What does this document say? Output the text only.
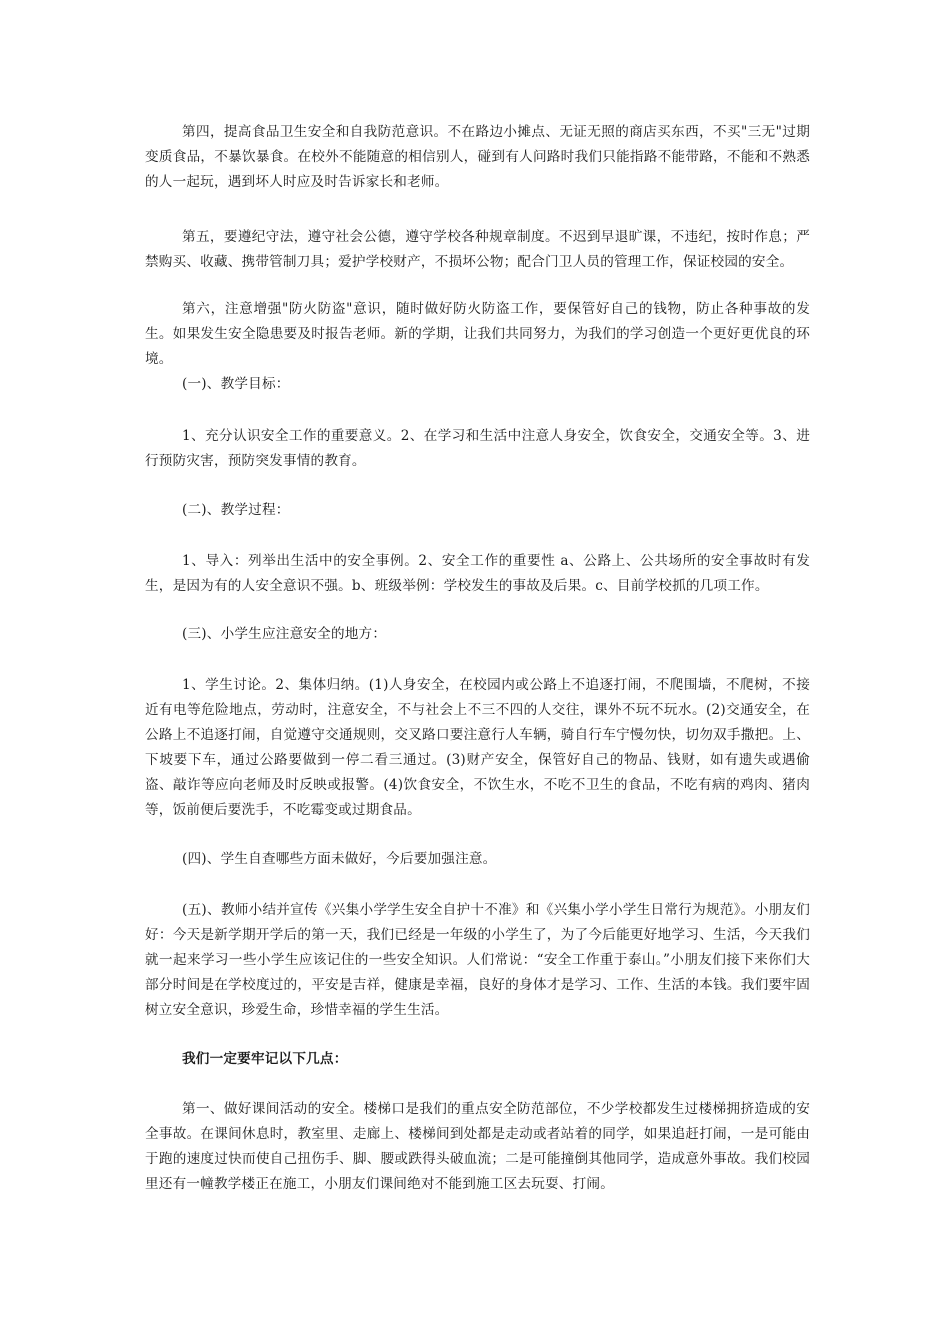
第四，提高食品卫生安全和自我防范意识。不在路边小摊点、无证无照的商店买东西，不买"三无"过期变质食品，不暴饮暴食。在校外不能随意的相信别人，碰到有人问路时我们只能指路不能带路，不能和不熟悉的人一起玩，遇到坏人时应及时告诉家长和老师。

第五，要遵纪守法，遵守社会公德，遵守学校各种规章制度。不迟到早退旷课，不违纪，按时作息；严禁购买、收藏、携带管制刀具；爱护学校财产，不损坏公物；配合门卫人员的管理工作，保证校园的安全。

第六，注意增强"防火防盗"意识，随时做好防火防盗工作，要保管好自己的钱物，防止各种事故的发生。如果发生安全隐患要及时报告老师。新的学期，让我们共同努力，为我们的学习创造一个更好更优良的环境。

(一)、教学目标：

1、充分认识安全工作的重要意义。2、在学习和生活中注意人身安全，饮食安全，交通安全等。3、进行预防灾害，预防突发事情的教育。

(二)、教学过程：

1、导入：列举出生活中的安全事例。2、安全工作的重要性 a、公路上、公共场所的安全事故时有发生，是因为有的人安全意识不强。b、班级举例：学校发生的事故及后果。c、目前学校抓的几项工作。

(三)、小学生应注意安全的地方：

1、学生讨论。2、集体归纳。(1)人身安全，在校园内或公路上不追逐打闹，不爬围墙，不爬树，不接近有电等危险地点，劳动时，注意安全，不与社会上不三不四的人交往，课外不玩不玩水。(2)交通安全，在公路上不追逐打闹，自觉遵守交通规则，交叉路口要注意行人车辆，骑自行车宁慢勿快，切勿双手撒把。上、下坡要下车，通过公路要做到一停二看三通过。(3)财产安全，保管好自己的物品、钱财，如有遗失或遇偷盗、敲诈等应向老师及时反映或报警。(4)饮食安全，不饮生水，不吃不卫生的食品，不吃有病的鸡肉、猪肉等，饭前便后要洗手，不吃霉变或过期食品。

(四)、学生自查哪些方面未做好，今后要加强注意。

(五)、教师小结并宣传《兴集小学学生安全自护十不准》和《兴集小学小学生日常行为规范》。小朋友们好：今天是新学期开学后的第一天，我们已经是一年级的小学生了，为了今后能更好地学习、生活，今天我们就一起来学习一些小学生应该记住的一些安全知识。人们常说：“安全工作重于泰山。”小朋友们接下来你们大部分时间是在学校度过的，平安是吉祥，健康是幸福，良好的身体才是学习、工作、生活的本钱。我们要牢固树立安全意识，珍爱生命，珍惜幸福的学生生活。

我们一定要牢记以下几点：

第一、做好课间活动的安全。楼梯口是我们的重点安全防范部位，不少学校都发生过楼梯拥挤造成的安全事故。在课间休息时，教室里、走廊上、楼梯间到处都是走动或者站着的同学，如果追赶打闹，一是可能由于跑的速度过快而使自己扭伤手、脚、腰或跌得头破血流；二是可能撞倒其他同学，造成意外事故。我们校园里还有一幢教学楼正在施工，小朋友们课间绝对不能到施工区去玩耍、打闹。
